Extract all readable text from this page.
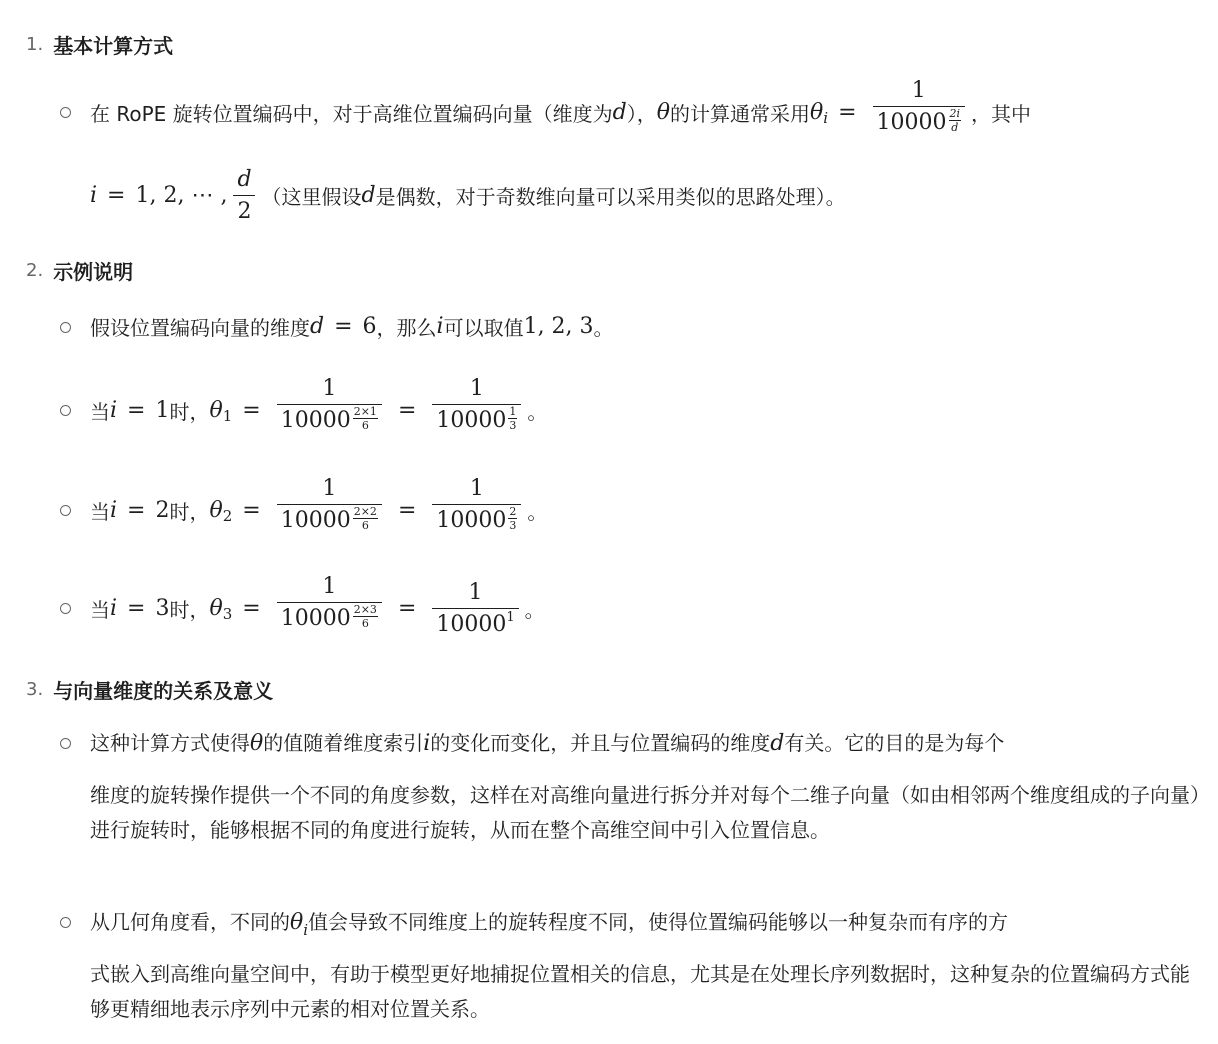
1. 基本计算方式
在 RoPE 旋转位置编码中，对于高维位置编码向量（维度为 d ）， θ 的计算通常采用 θ $i = \frac{1}{10000 \frac{2i}{d}}$ ，其中
i = 1, 2, ⋯ , $\frac{d}{2}$ （这里假设 d 是偶数，对于奇数维向量可以采用类似的思路处理）。
2. 示例说明
假设位置编码向量的维度 d = 6 ，那么 i 可以取值 1, 2, 3 。
当 i = 1 时， θ $1 = \frac{1}{10000 \frac{2\times 1}{6}} = \frac{1}{10000 \frac{1}{3}}$ 。
当 i = 2 时， θ $2 = \frac{1}{10000 \frac{2\times 2}{6}} = \frac{1}{10000 \frac{2}{3}}$ 。
当 i = 3 时， θ $3 = \frac{1}{10000 \frac{2\times 3}{6}} = \frac{1}{10000^1}$ 。
3. 与向量维度的关系及意义
这种计算方式使得θ的值随着维度索引i的变化而变化，并且与位置编码的维度d有关。它的目的是为每个
维度的旋转操作提供一个不同的角度参数，这样在对高维向量进行拆分并对每个二维子向量（如由相邻两个维度组成的子向量）进行旋转时，能够根据不同的角度进行旋转，从而在整个高维空间中引入位置信息。
从几何角度看，不同的$\theta_i$值会导致不同维度上的旋转程度不同，使得位置编码能够以一种复杂而有序的方
式嵌入到高维向量空间中，有助于模型更好地捕捉位置相关的信息，尤其是在处理长序列数据时，这种复杂的位置编码方式能够更精细地表示序列中元素的相对位置关系。
